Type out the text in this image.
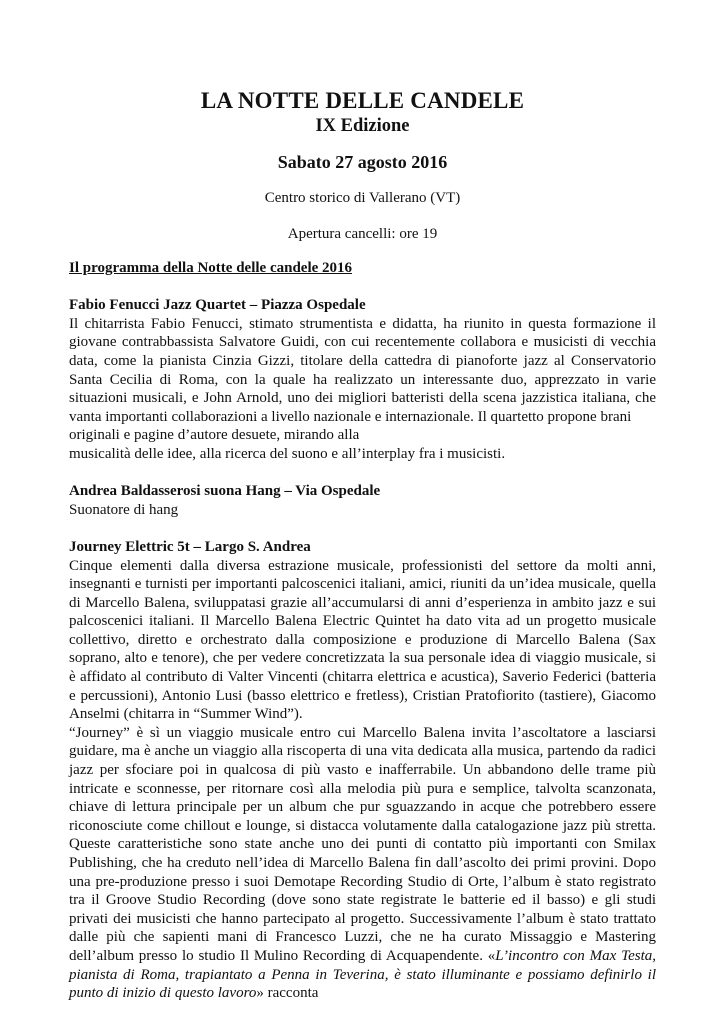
LA NOTTE DELLE CANDELE
IX Edizione
Sabato 27 agosto 2016
Centro storico di Vallerano (VT)
Apertura cancelli: ore 19

Il programma della Notte delle candele 2016

Fabio Fenucci Jazz Quartet – Piazza Ospedale

Il chitarrista Fabio Fenucci, stimato strumentista e didatta, ha riunito in questa formazione il giovane contrabbassista Salvatore Guidi, con cui recentemente collabora e musicisti di vecchia data, come la pianista Cinzia Gizzi, titolare della cattedra di pianoforte jazz al Conservatorio Santa Cecilia di Roma, con la quale ha realizzato un interessante duo, apprezzato in varie situazioni musicali, e John Arnold, uno dei migliori batteristi della scena jazzistica italiana, che vanta importanti collaborazioni a livello nazionale e internazionale. Il quartetto propone brani

originali e pagine d’autore desuete, mirando alla

musicalità delle idee, alla ricerca del suono e all’interplay fra i musicisti.

Andrea Baldasserosi suona Hang – Via Ospedale

Suonatore di hang

Journey Elettric 5t – Largo S. Andrea

Cinque elementi dalla diversa estrazione musicale, professionisti del settore da molti anni, insegnanti e turnisti per importanti palcoscenici italiani, amici, riuniti da un’idea musicale, quella di Marcello Balena, sviluppatasi grazie all’accumularsi di anni d’esperienza in ambito jazz e sui palcoscenici italiani. Il Marcello Balena Electric Quintet ha dato vita ad un progetto musicale collettivo, diretto e orchestrato dalla composizione e produzione di Marcello Balena (Sax soprano, alto e tenore), che per vedere concretizzata la sua personale idea di viaggio musicale, si è affidato al contributo di Valter Vincenti (chitarra elettrica e acustica), Saverio Federici (batteria e percussioni), Antonio Lusi (basso elettrico e fretless), Cristian Pratofiorito (tastiere), Giacomo Anselmi (chitarra in “Summer Wind”).

“Journey” è sì un viaggio musicale entro cui Marcello Balena invita l’ascoltatore a lasciarsi guidare, ma è anche un viaggio alla riscoperta di una vita dedicata alla musica, partendo da radici jazz per sfociare poi in qualcosa di più vasto e inafferrabile. Un abbandono delle trame più intricate e sconnesse, per ritornare così alla melodia più pura e semplice, talvolta scanzonata, chiave di lettura principale per un album che pur sguazzando in acque che potrebbero essere riconosciute come chillout e lounge, si distacca volutamente dalla catalogazione jazz più stretta. Queste caratteristiche sono state anche uno dei punti di contatto più importanti con Smilax Publishing, che ha creduto nell’idea di Marcello Balena fin dall’ascolto dei primi provini. Dopo una pre-produzione presso i suoi Demotape Recording Studio di Orte, l’album è stato registrato tra il Groove Studio Recording (dove sono state registrate le batterie ed il basso) e gli studi privati dei musicisti che hanno partecipato al progetto. Successivamente l’album è stato trattato dalle più che sapienti mani di Francesco Luzzi, che ne ha curato Missaggio e Mastering dell’album presso lo studio Il Mulino Recording di Acquapendente. «L’incontro con Max Testa, pianista di Roma, trapiantato a Penna in Teverina, è stato illuminante e possiamo definirlo il punto di inizio di questo lavoro» racconta
